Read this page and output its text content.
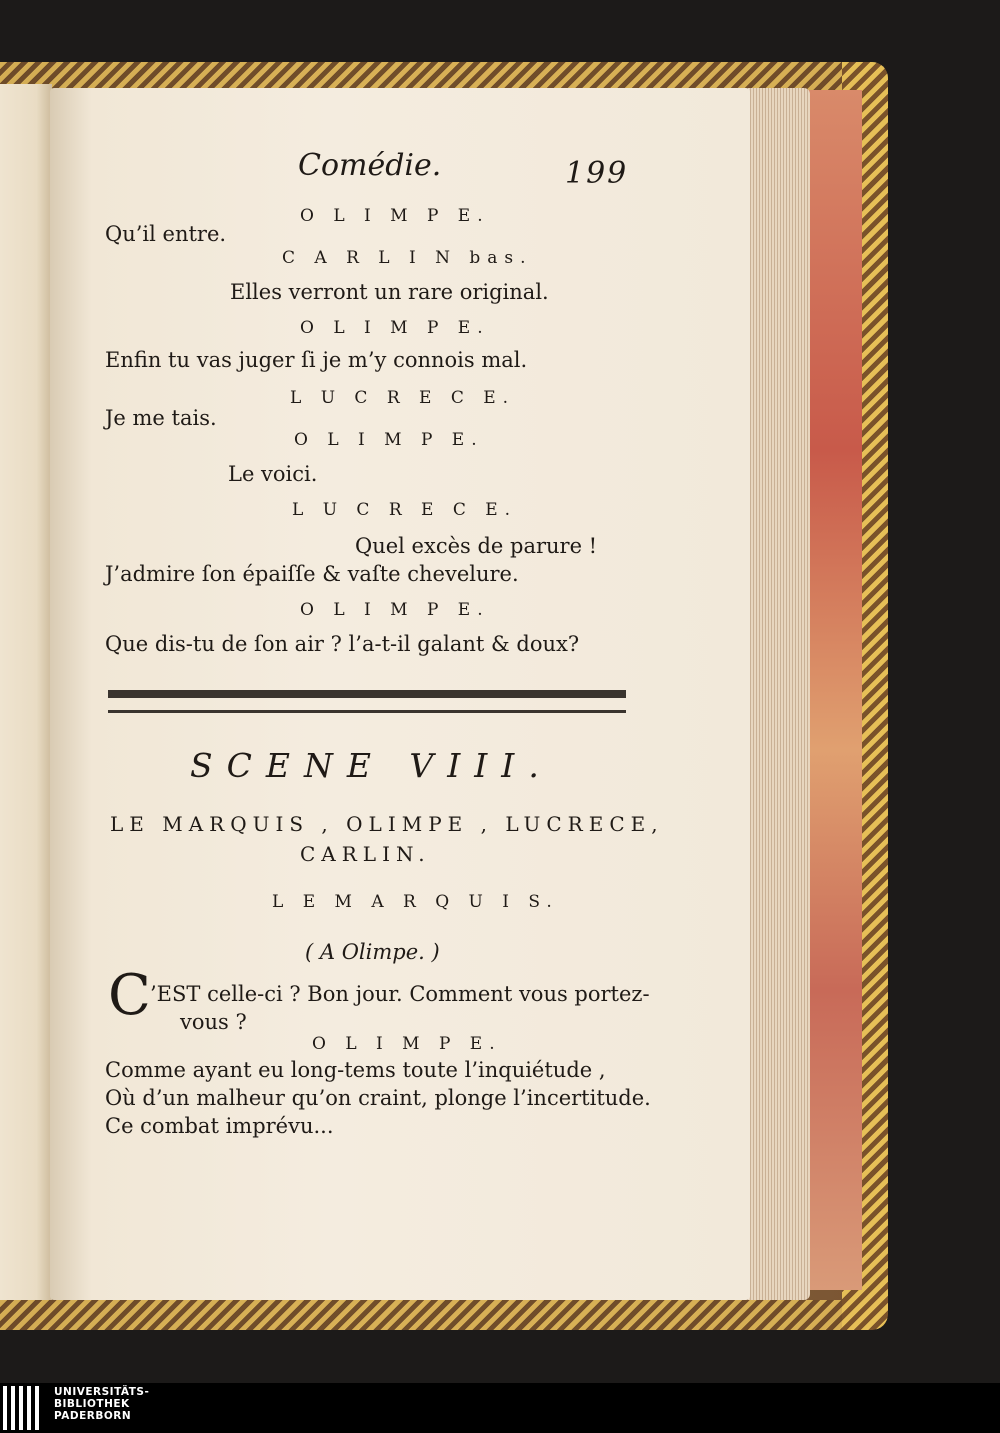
Comédie.	199
O L I M P E.
Qu’il entre.
C A R L I N bas.
Elles verront un rare original.
O L I M P E.
Enfin tu vas juger ſi je m’y connois mal.
L U C R E C E.
Je me tais.
O L I M P E.
Le voici.
L U C R E C E.
Quel excès de parure !
J’admire ſon épaiſſe & vaſte chevelure.
O L I M P E.
Que dis-tu de ſon air ? l’a-t-il galant & doux?
SCENE VIII.
LE MARQUIS , OLIMPE , LUCRECE,
CARLIN.
L E M A R Q U I S.
( A Olimpe. )
C ’EST celle-ci ? Bon jour. Comment vous portez-
vous ?
O L I M P E.
Comme ayant eu long-tems toute l’inquiétude ,
Où d’un malheur qu’on craint, plonge l’incertitude.
Ce combat imprévu...
UNIVERSITÄTS-
BIBLIOTHEK
PADERBORN
